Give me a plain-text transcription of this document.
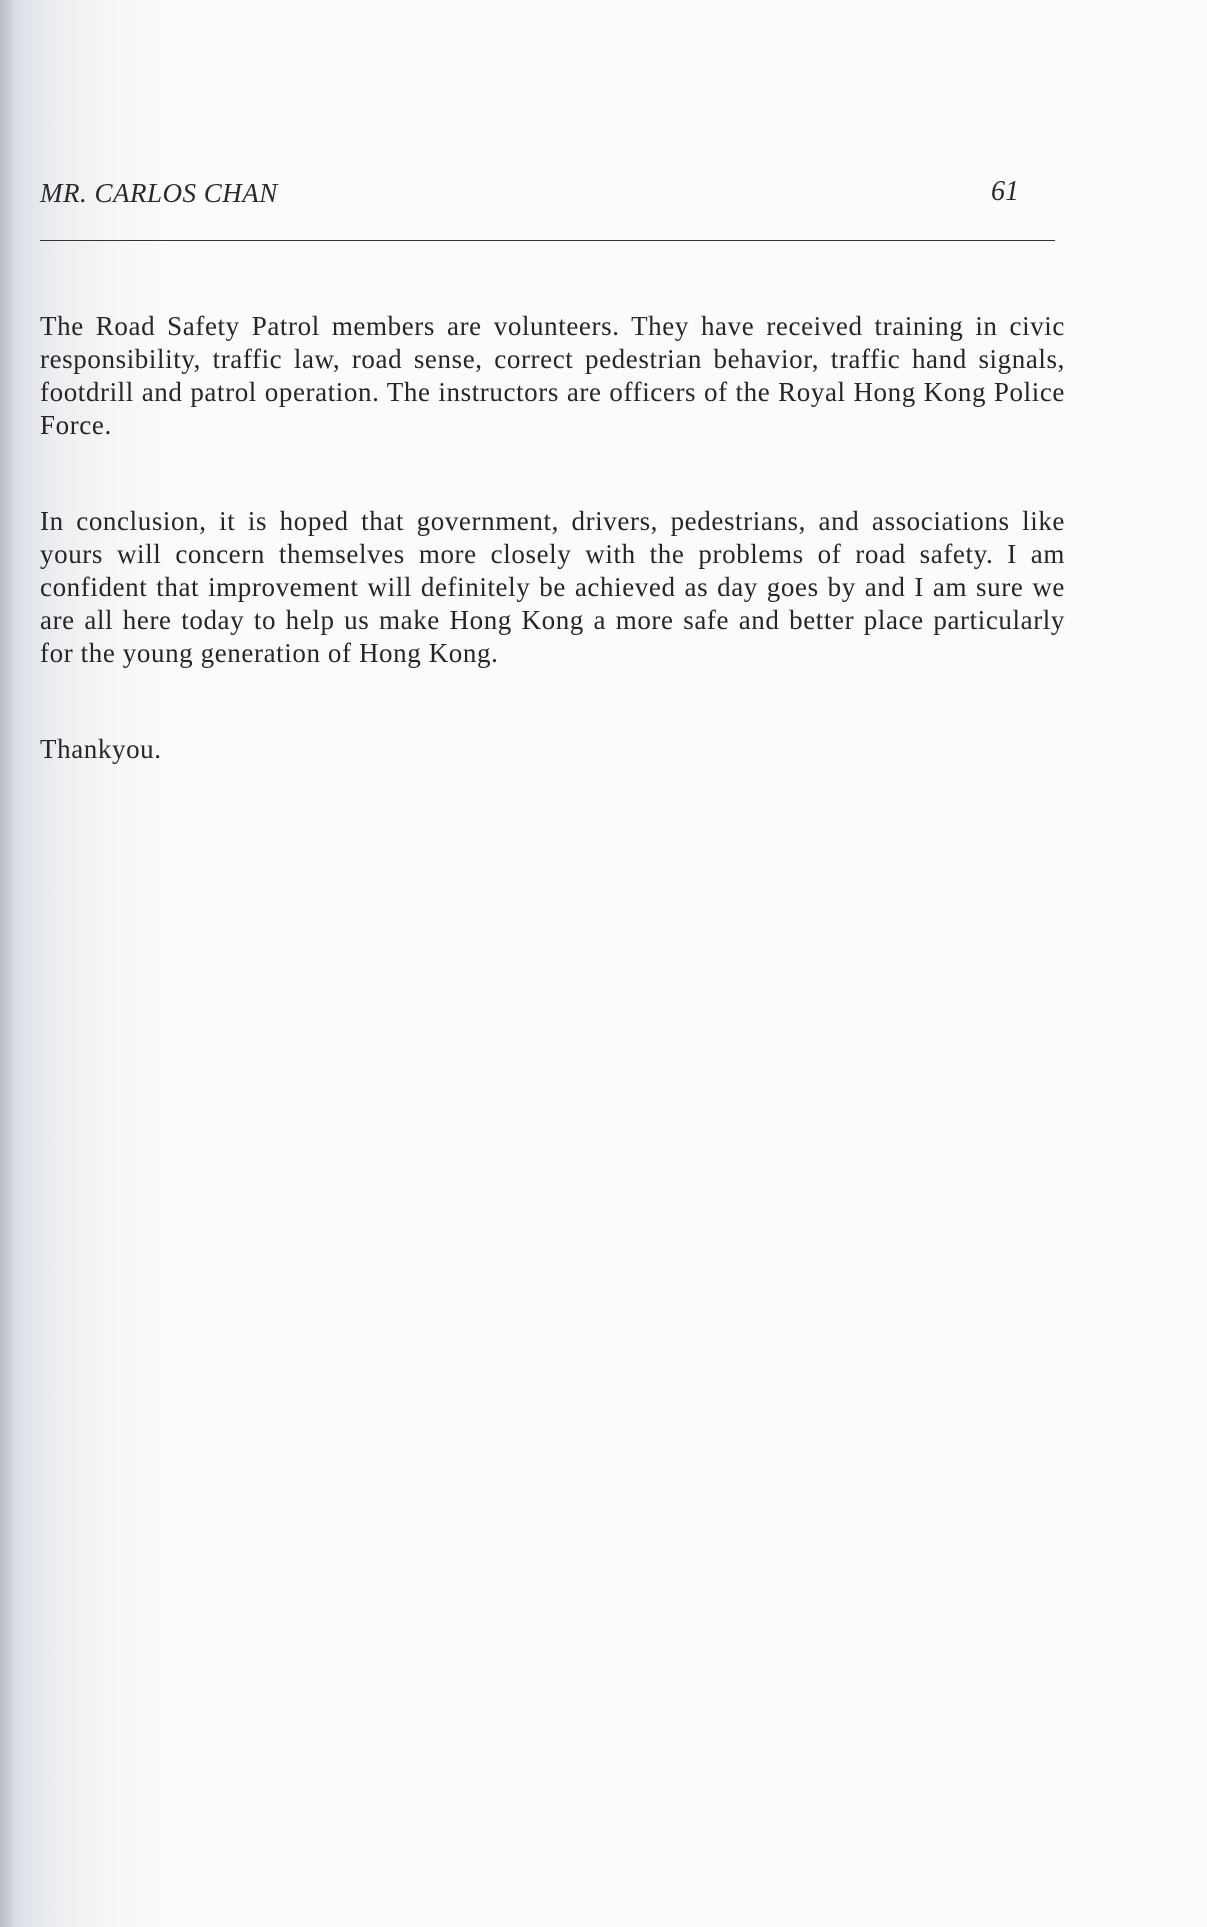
MR. CARLOS CHAN	61

The Road Safety Patrol members are volunteers. They have received training in civic responsibility, traffic law, road sense, correct pedestrian behavior, traffic hand signals, footdrill and patrol operation. The instructors are officers of the Royal Hong Kong Police Force.

In conclusion, it is hoped that government, drivers, pedestrians, and associations like yours will concern themselves more closely with the problems of road safety. I am confident that improvement will definitely be achieved as day goes by and I am sure we are all here today to help us make Hong Kong a more safe and better place particularly for the young generation of Hong Kong.

Thankyou.
